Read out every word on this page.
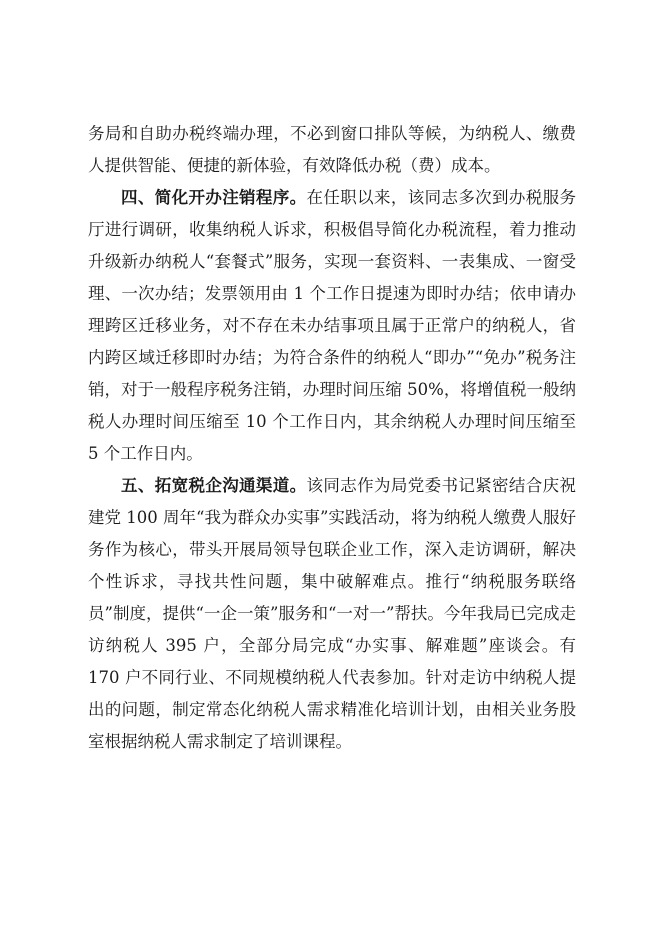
务局和自助办税终端办理，不必到窗口排队等候，为纳税人、缴费人提供智能、便捷的新体验，有效降低办税（费）成本。

四、简化开办注销程序。在任职以来，该同志多次到办税服务厅进行调研，收集纳税人诉求，积极倡导简化办税流程，着力推动升级新办纳税人“套餐式”服务，实现一套资料、一表集成、一窗受理、一次办结；发票领用由 1 个工作日提速为即时办结；依申请办理跨区迁移业务，对不存在未办结事项且属于正常户的纳税人，省内跨区域迁移即时办结；为符合条件的纳税人“即办”“免办”税务注销，对于一般程序税务注销，办理时间压缩 50%，将增值税一般纳税人办理时间压缩至 10 个工作日内，其余纳税人办理时间压缩至 5 个工作日内。

五、拓宽税企沟通渠道。该同志作为局党委书记紧密结合庆祝建党 100 周年“我为群众办实事”实践活动，将为纳税人缴费人服好务作为核心，带头开展局领导包联企业工作，深入走访调研，解决个性诉求，寻找共性问题，集中破解难点。推行“纳税服务联络员”制度，提供“一企一策”服务和“一对一”帮扶。今年我局已完成走访纳税人 395 户，全部分局完成“办实事、解难题”座谈会。有 170 户不同行业、不同规模纳税人代表参加。针对走访中纳税人提出的问题，制定常态化纳税人需求精准化培训计划，由相关业务股室根据纳税人需求制定了培训课程。
